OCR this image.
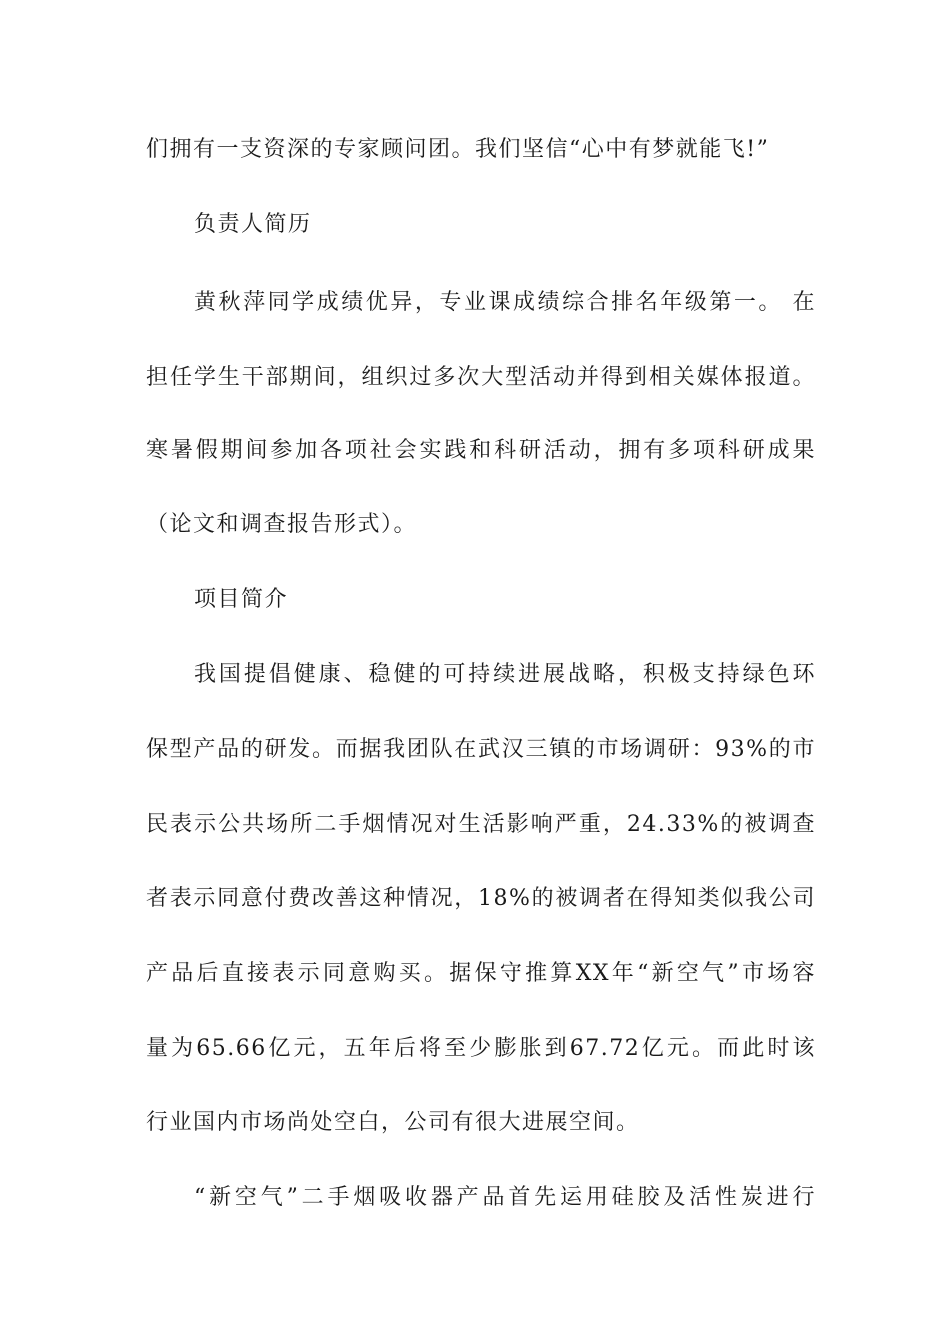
们拥有一支资深的专家顾问团。我们坚信“心中有梦就能飞!”
负责人简历
黄秋萍同学成绩优异，专业课成绩综合排名年级第一。 在
担任学生干部期间，组织过多次大型活动并得到相关媒体报道。
寒暑假期间参加各项社会实践和科研活动，拥有多项科研成果
（论文和调查报告形式）。
项目简介
我国提倡健康、稳健的可持续进展战略，积极支持绿色环
保型产品的研发。而据我团队在武汉三镇的市场调研：93%的市
民表示公共场所二手烟情况对生活影响严重，24.33%的被调查
者表示同意付费改善这种情况，18%的被调者在得知类似我公司
产品后直接表示同意购买。据保守推算XX年“新空气”市场容
量为65.66亿元，五年后将至少膨胀到67.72亿元。而此时该
行业国内市场尚处空白，公司有很大进展空间。
“新空气”二手烟吸收器产品首先运用硅胶及活性炭进行
